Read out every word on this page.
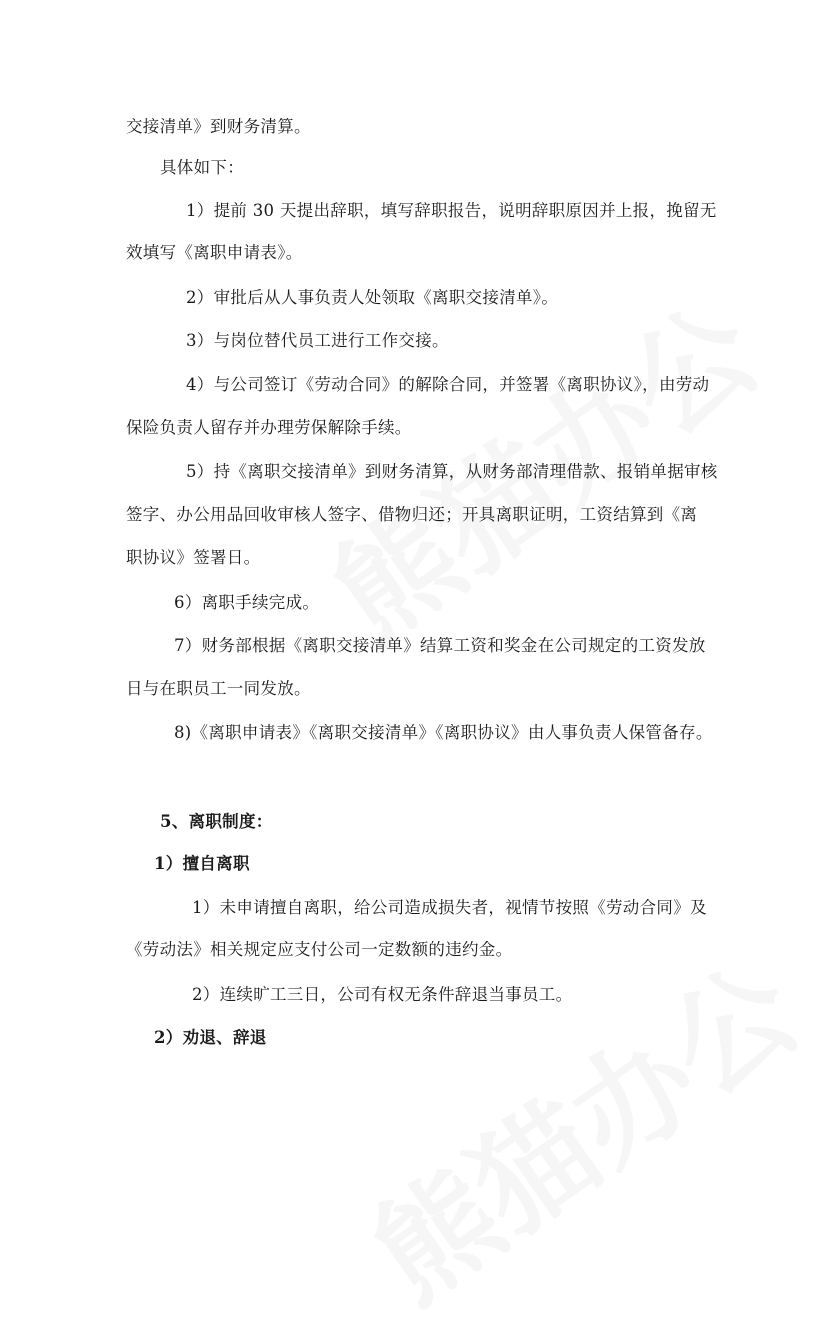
交接清单》到财务清算。
具体如下：
1）提前 30 天提出辞职，填写辞职报告，说明辞职原因并上报，挽留无
效填写《离职申请表》。
2）审批后从人事负责人处领取《离职交接清单》。
3）与岗位替代员工进行工作交接。
4）与公司签订《劳动合同》的解除合同，并签署《离职协议》，由劳动
保险负责人留存并办理劳保解除手续。
5）持《离职交接清单》到财务清算，从财务部清理借款、报销单据审核
签字、办公用品回收审核人签字、借物归还；开具离职证明，工资结算到《离
职协议》签署日。
6）离职手续完成。
7）财务部根据《离职交接清单》结算工资和奖金在公司规定的工资发放
日与在职员工一同发放。
8)《离职申请表》《离职交接清单》《离职协议》由人事负责人保管备存。
5、离职制度：
1）擅自离职
1）未申请擅自离职，给公司造成损失者，视情节按照《劳动合同》及
《劳动法》相关规定应支付公司一定数额的违约金。
2）连续旷工三日，公司有权无条件辞退当事员工。
2）劝退、辞退
